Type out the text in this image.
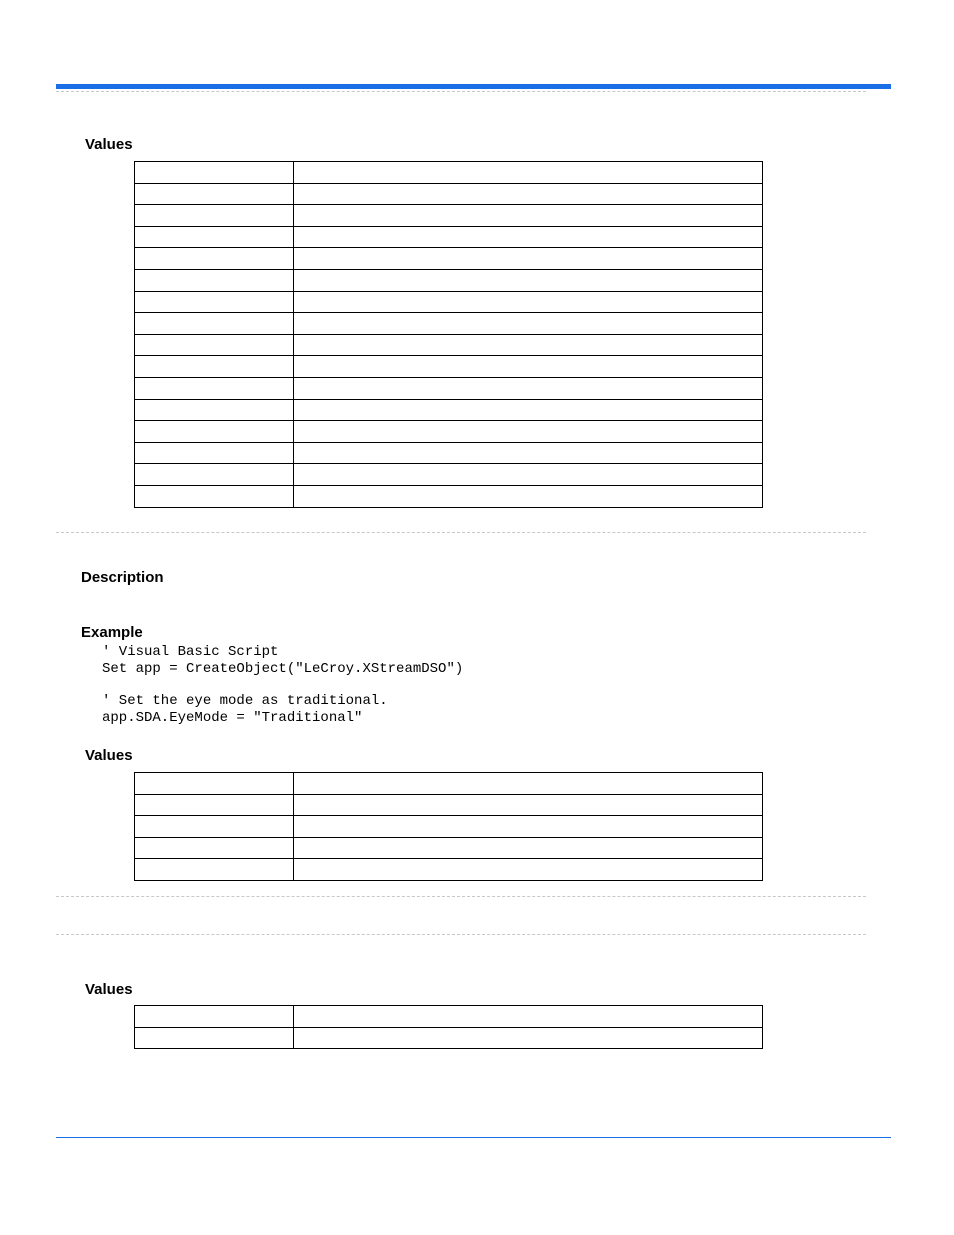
Values

Description
Example
' Visual Basic Script
Set app = CreateObject("LeCroy.XStreamDSO")
' Set the eye mode as traditional.
app.SDA.EyeMode = "Traditional"
Values

Values
